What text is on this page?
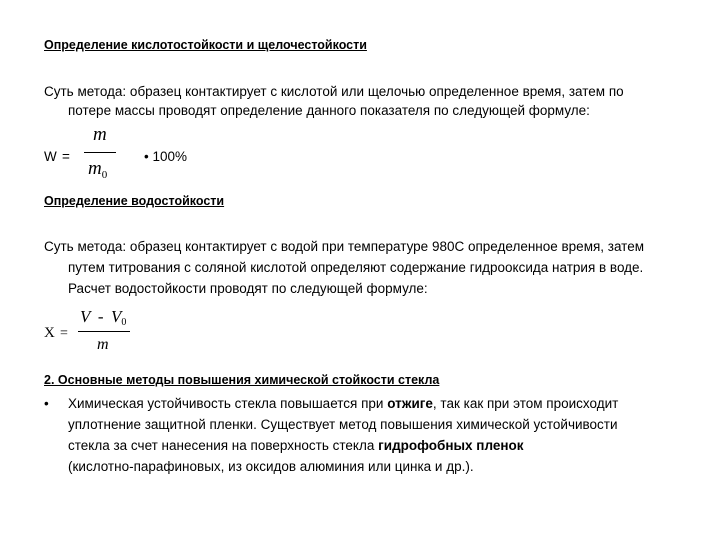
Определение кислотостойкости и щелочестойкости
Суть метода: образец контактирует с кислотой или щелочью определенное время, затем по
потере массы проводят определение данного показателя по следующей формуле:
W =
m
$m_0$
• 100%
Определение водостойкости
Суть метода: образец контактирует с водой при температуре 980С определенное время, затем
путем титрования с соляной кислотой определяют содержание гидрооксида натрия в воде.
Расчет водостойкости проводят по следующей формуле:
X =
V - V0
m
2. Основные методы повышения химической стойкости стекла
• Химическая устойчивость стекла повышается при отжиге, так как при этом происходит
уплотнение защитной пленки. Существует метод повышения химической устойчивости
стекла за счет нанесения на поверхность стекла гидрофобных пленок
(кислотно-парафиновых, из оксидов алюминия или цинка и др.).
